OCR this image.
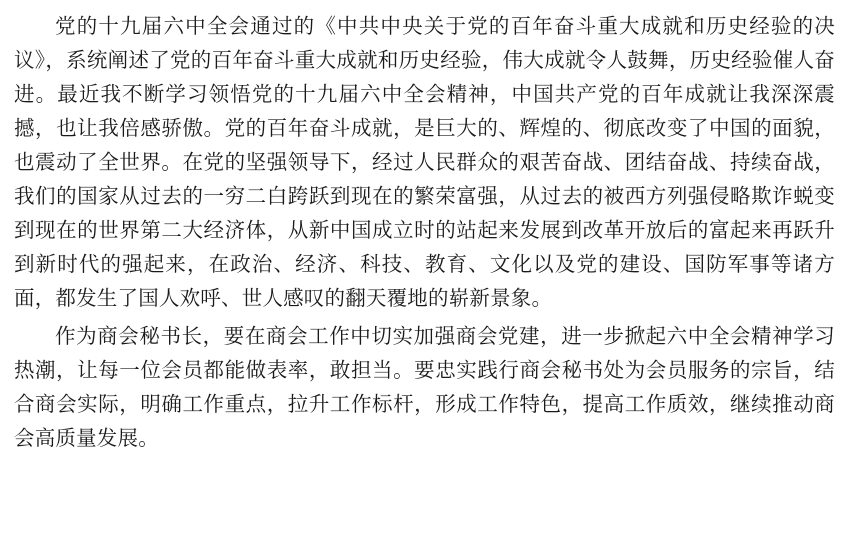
党的十九届六中全会通过的《中共中央关于党的百年奋斗重大成就和历史经验的决议》，系统阐述了党的百年奋斗重大成就和历史经验，伟大成就令人鼓舞，历史经验催人奋进。最近我不断学习领悟党的十九届六中全会精神，中国共产党的百年成就让我深深震撼，也让我倍感骄傲。党的百年奋斗成就，是巨大的、辉煌的、彻底改变了中国的面貌，也震动了全世界。在党的坚强领导下，经过人民群众的艰苦奋战、团结奋战、持续奋战，我们的国家从过去的一穷二白跨跃到现在的繁荣富强，从过去的被西方列强侵略欺诈蜕变到现在的世界第二大经济体，从新中国成立时的站起来发展到改革开放后的富起来再跃升到新时代的强起来，在政治、经济、科技、教育、文化以及党的建设、国防军事等诸方面，都发生了国人欢呼、世人感叹的翻天覆地的崭新景象。

作为商会秘书长，要在商会工作中切实加强商会党建，进一步掀起六中全会精神学习热潮，让每一位会员都能做表率，敢担当。要忠实践行商会秘书处为会员服务的宗旨，结合商会实际，明确工作重点，拉升工作标杆，形成工作特色，提高工作质效，继续推动商会高质量发展。
